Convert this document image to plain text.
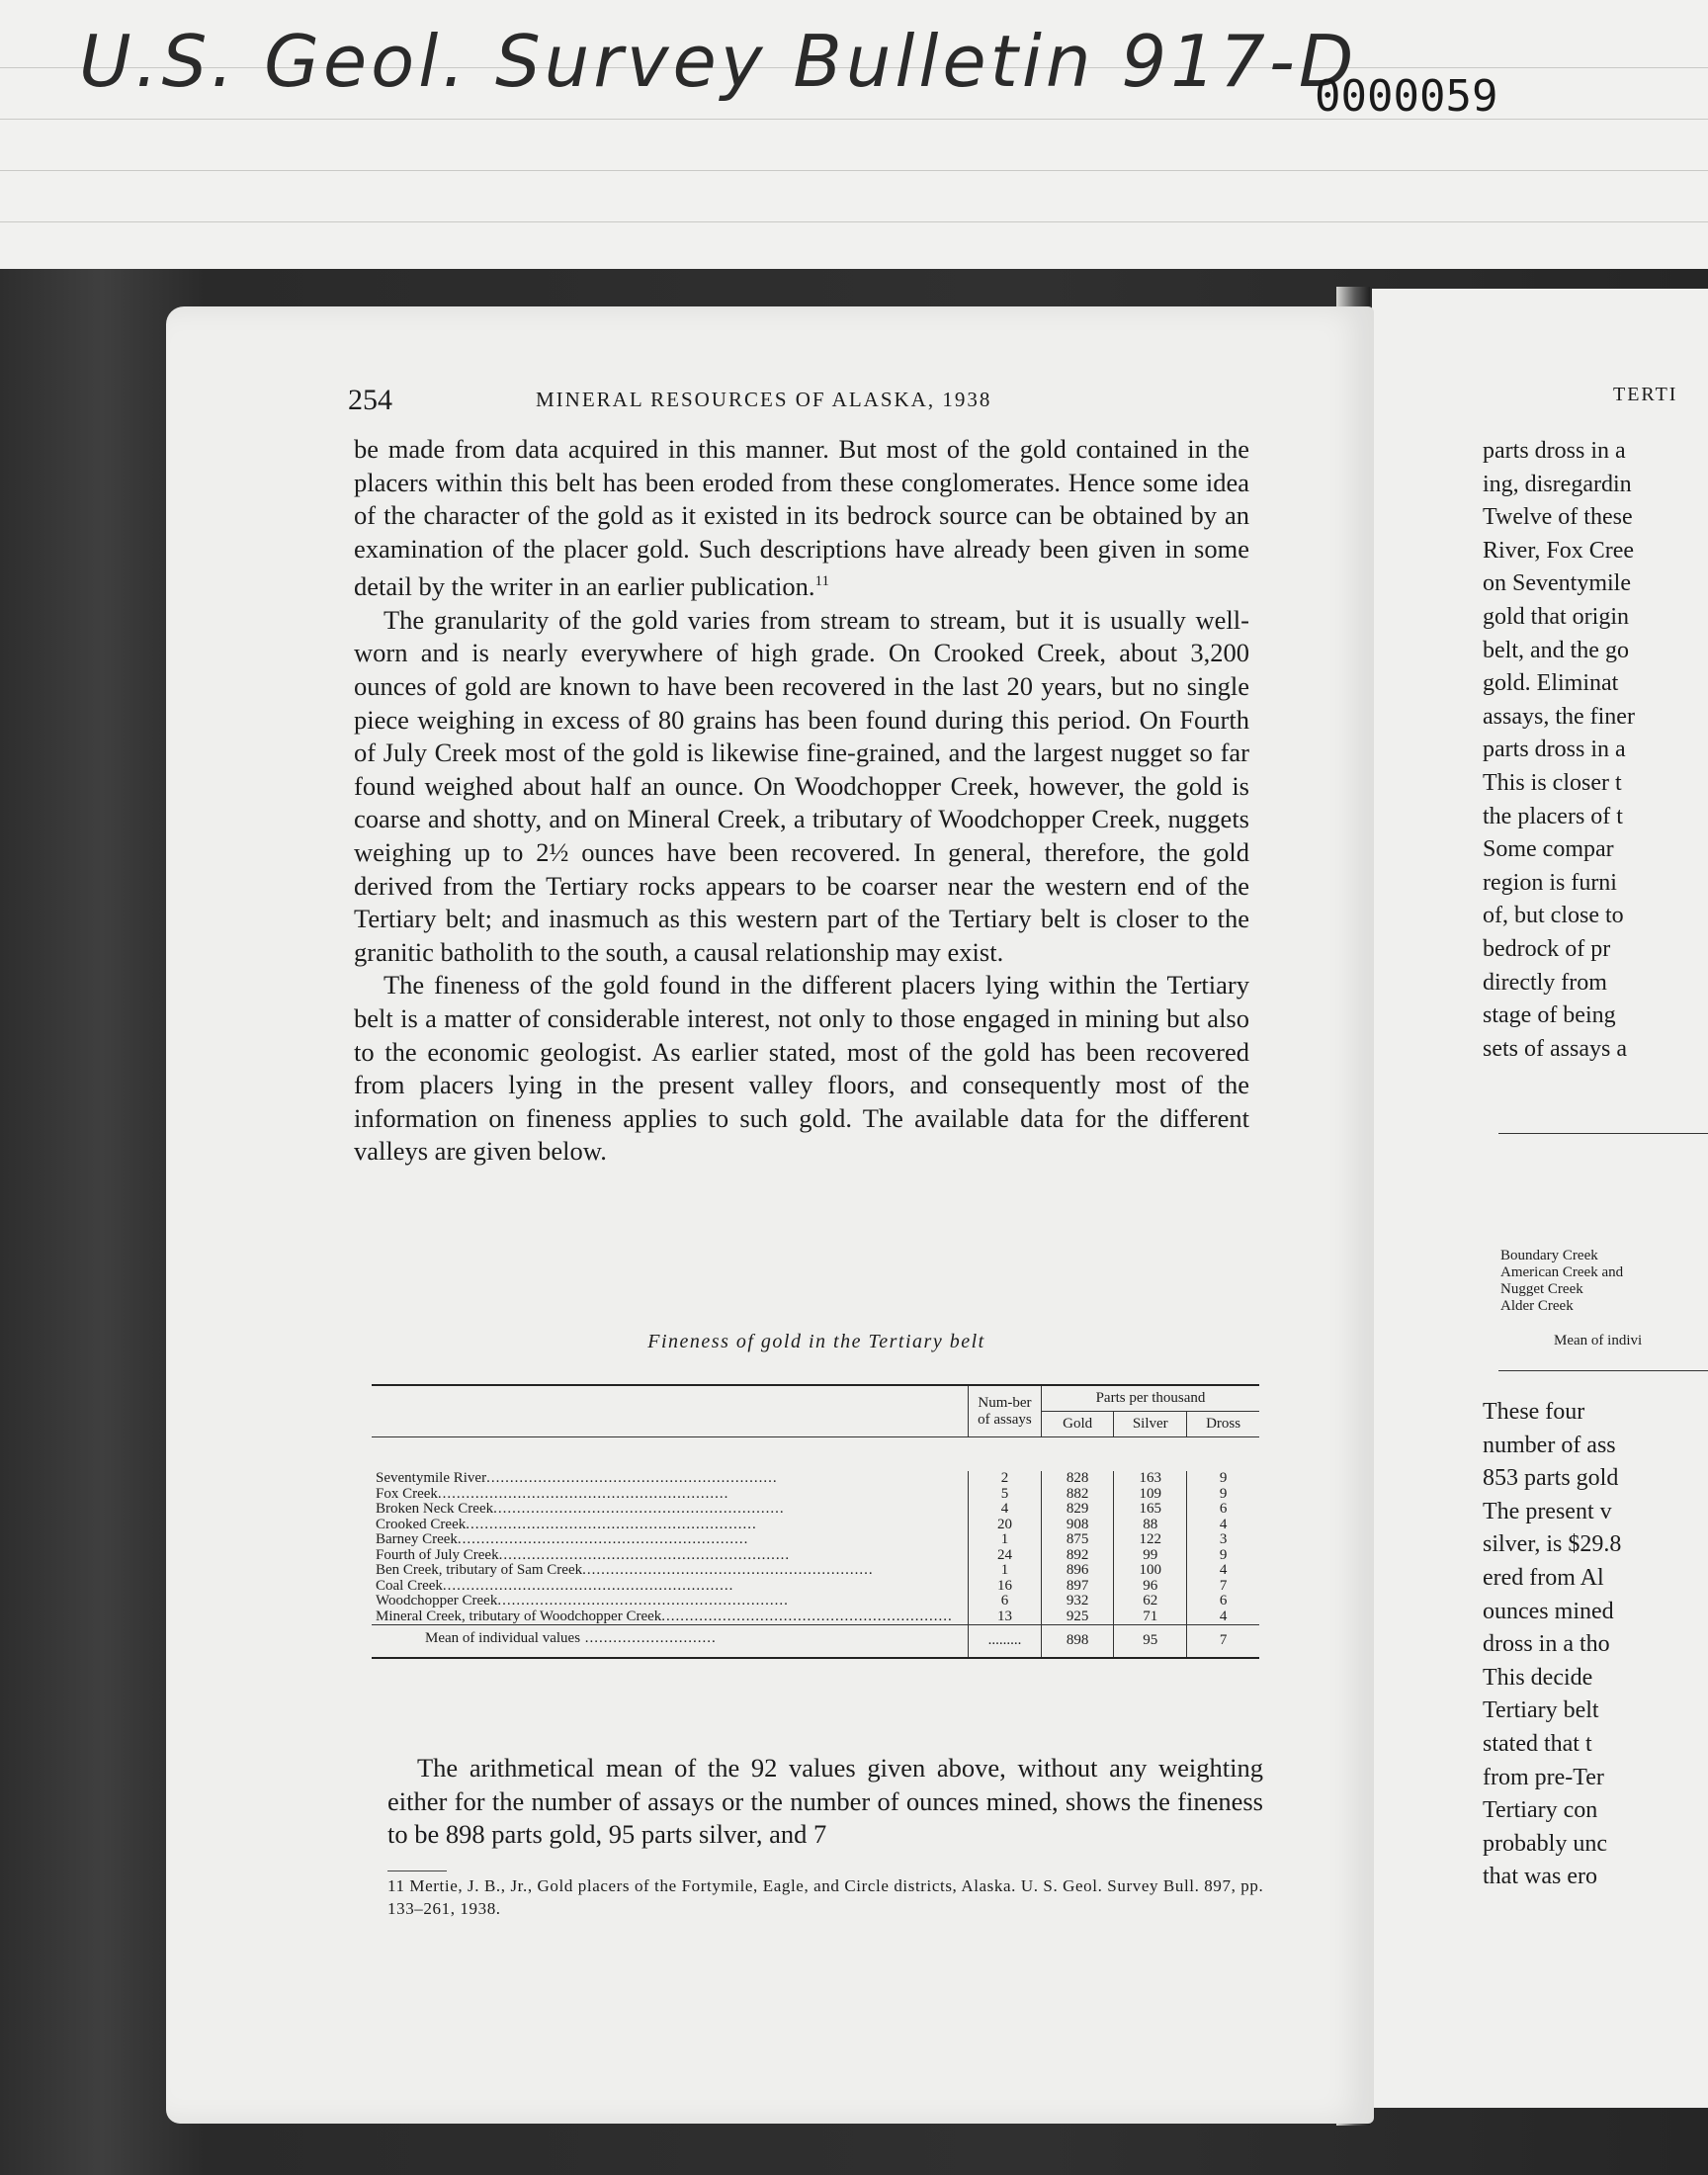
U.S. Geol. Survey Bulletin 917-D
0000059
254	MINERAL RESOURCES OF ALASKA, 1938

be made from data acquired in this manner. But most of the gold contained in the placers within this belt has been eroded from these conglomerates. Hence some idea of the character of the gold as it existed in its bedrock source can be obtained by an examination of the placer gold. Such descriptions have already been given in some detail by the writer in an earlier publication.$^{11}$

The granularity of the gold varies from stream to stream, but it is usually well-worn and is nearly everywhere of high grade. On Crooked Creek, about 3,200 ounces of gold are known to have been recovered in the last 20 years, but no single piece weighing in excess of 80 grains has been found during this period. On Fourth of July Creek most of the gold is likewise fine-grained, and the largest nugget so far found weighed about half an ounce. On Woodchopper Creek, however, the gold is coarse and shotty, and on Mineral Creek, a tributary of Woodchopper Creek, nuggets weighing up to 2½ ounces have been recovered. In general, therefore, the gold derived from the Tertiary rocks appears to be coarser near the western end of the Tertiary belt; and inasmuch as this western part of the Tertiary belt is closer to the granitic batholith to the south, a causal relationship may exist.

The fineness of the gold found in the different placers lying within the Tertiary belt is a matter of considerable interest, not only to those engaged in mining but also to the economic geologist. As earlier stated, most of the gold has been recovered from placers lying in the present valley floors, and consequently most of the information on fineness applies to such gold. The available data for the different valleys are given below.

Fineness of gold in the Tertiary belt
	Num-ber of assays	Parts per thousand		
		Gold	Silver	Dross

Seventymile River..............................................................	2	828	163	9
Fox Creek..............................................................	5	882	109	9
Broken Neck Creek..............................................................	4	829	165	6
Crooked Creek..............................................................	20	908	88	4
Barney Creek..............................................................	1	875	122	3
Fourth of July Creek..............................................................	24	892	99	9
Ben Creek, tributary of Sam Creek..............................................................	1	896	100	4
Coal Creek..............................................................	16	897	96	7
Woodchopper Creek..............................................................	6	932	62	6
Mineral Creek, tributary of Woodchopper Creek..............................................................	13	925	71	4
Mean of individual values ............................	.........	898	95	7

The arithmetical mean of the 92 values given above, without any weighting either for the number of assays or the number of ounces mined, shows the fineness to be 898 parts gold, 95 parts silver, and 7

11 Mertie, J. B., Jr., Gold placers of the Fortymile, Eagle, and Circle districts, Alaska. U. S. Geol. Survey Bull. 897, pp. 133–261, 1938.
TERTI
parts dross in a
ing, disregardin
Twelve of these
River, Fox Cree
on Seventymile
gold that origin
belt, and the go
gold. Eliminat
assays, the finer
parts dross in a
This is closer t
the placers of t
Some compar
region is furni
of, but close to
bedrock of pr
directly from
stage of being
sets of assays a
Boundary Creek
American Creek and
Nugget Creek
Alder Creek
Mean of indivi
These four
number of ass
853 parts gold
The present v
silver, is $29.8
ered from Al
ounces mined
dross in a tho
This decide
Tertiary belt
stated that t
from pre-Ter
Tertiary con
probably unc
that was ero
